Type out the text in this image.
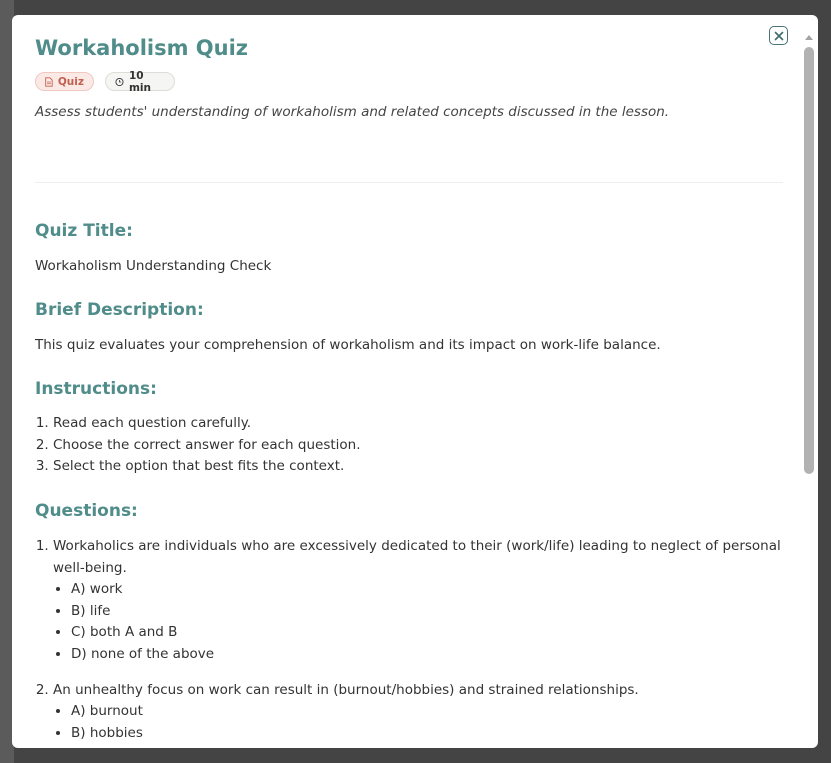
Workaholism Quiz
Quiz	10 min

Assess students' understanding of workaholism and related concepts discussed in the lesson.

Quiz Title:

Workaholism Understanding Check

Brief Description:

This quiz evaluates your comprehension of workaholism and its impact on work-life balance.

Instructions:
1. Read each question carefully.
2. Choose the correct answer for each question.
3. Select the option that best fits the context.
Questions:
1. Workaholics are individuals who are excessively dedicated to their (work/life) leading to neglect of personal well-being.
• A) work
• B) life
• C) both A and B
• D) none of the above
2. An unhealthy focus on work can result in (burnout/hobbies) and strained relationships.
• A) burnout
• B) hobbies
